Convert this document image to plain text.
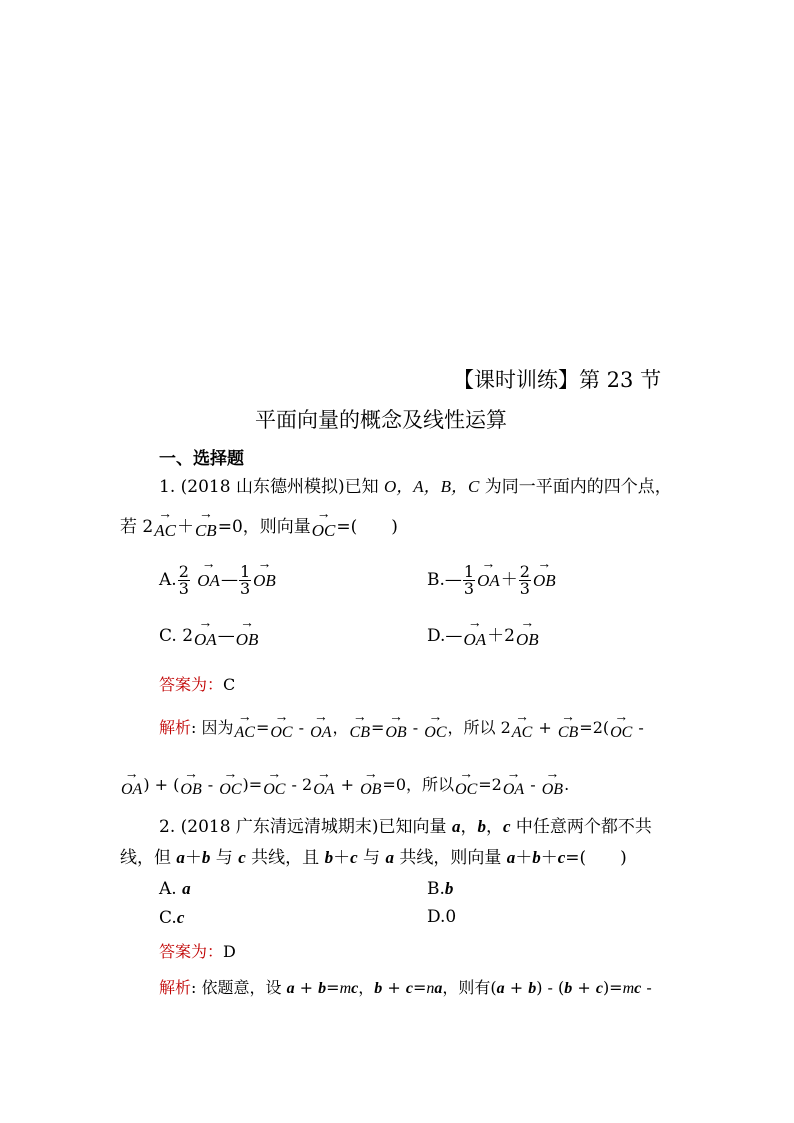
【课时训练】第 23 节
平面向量的概念及线性运算
一、选择题
1. (2018 山东德州模拟)已知 O，A，B，C 为同一平面内的四个点，
若 2→ AC＋→ CB=0，则向量→ OC=(　　)
A. $\frac{2}{3}$
→ OA— $\frac{1}{3}$
→ OB	B.— $\frac{1}{3}$
→ $OA+ \frac{2}{3}$
→ OB
C. 2→ OA—→ OB	D.—→ OA＋2→ OB
答案为：C
解析: 因为→ AC=→ OC - → OA，→ CB=→ OB - → OC，所以 2→ AC + → CB=2(→ OC -
→ OA) + (→ OB - → OC)=→ OC - 2→ OA + → OB=0，所以→ OC=2→ OA - → OB.
2. (2018 广东清远清城期末)已知向量 a，b，c 中任意两个都不共
线，但 a＋b 与 c 共线，且 b＋c 与 a 共线，则向量 a＋b＋c=(　　)
A. a	B.b
C.c	D.0
答案为：D
解析: 依题意，设 a + b=mc，b + c=na，则有(a + b) - (b + c)=mc -
